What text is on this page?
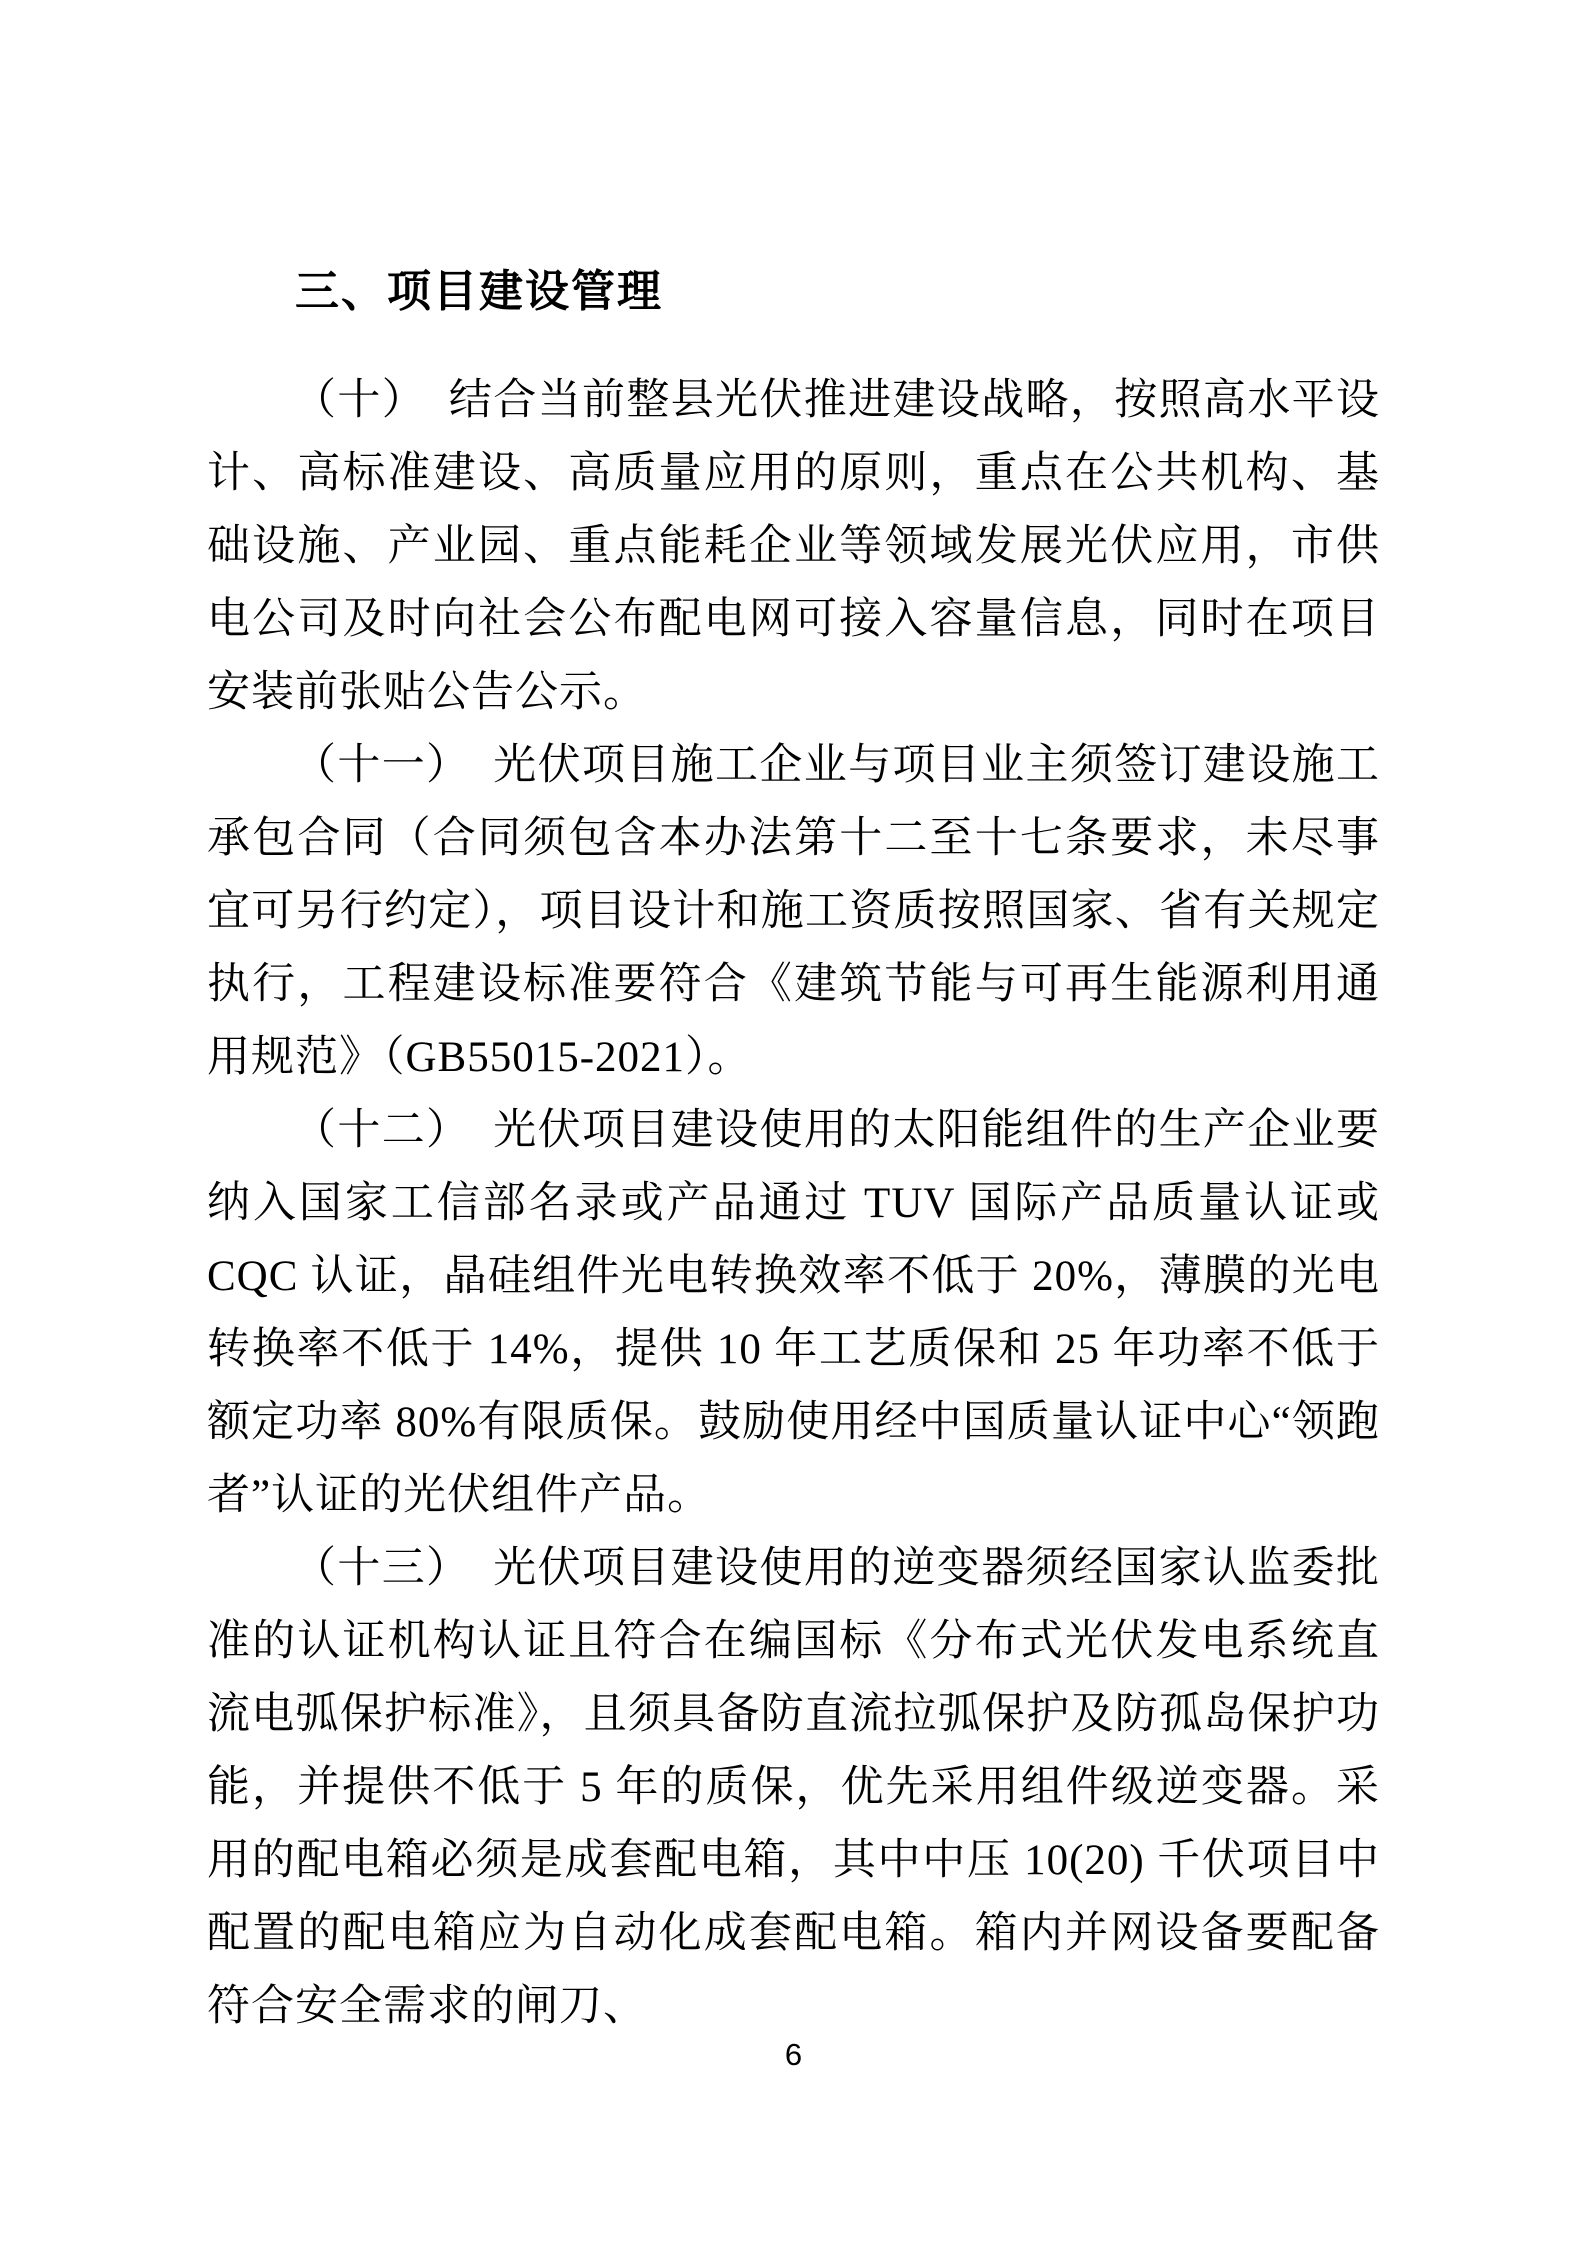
三、项目建设管理

（十）　结合当前整县光伏推进建设战略，按照高水平设计、高标准建设、高质量应用的原则，重点在公共机构、基础设施、产业园、重点能耗企业等领域发展光伏应用，市供电公司及时向社会公布配电网可接入容量信息，同时在项目安装前张贴公告公示。

（十一）　光伏项目施工企业与项目业主须签订建设施工承包合同（合同须包含本办法第十二至十七条要求，未尽事宜可另行约定），项目设计和施工资质按照国家、省有关规定执行，工程建设标准要符合《建筑节能与可再生能源利用通用规范》（GB55015-2021）。

（十二）　光伏项目建设使用的太阳能组件的生产企业要纳入国家工信部名录或产品通过 TUV 国际产品质量认证或 CQC 认证，晶硅组件光电转换效率不低于 20%，薄膜的光电转换率不低于 14%，提供 10 年工艺质保和 25 年功率不低于额定功率 80%有限质保。鼓励使用经中国质量认证中心“领跑者”认证的光伏组件产品。

（十三）　光伏项目建设使用的逆变器须经国家认监委批准的认证机构认证且符合在编国标《分布式光伏发电系统直流电弧保护标准》，且须具备防直流拉弧保护及防孤岛保护功能，并提供不低于 5 年的质保，优先采用组件级逆变器。采用的配电箱必须是成套配电箱，其中中压 10(20) 千伏项目中配置的配电箱应为自动化成套配电箱。箱内并网设备要配备符合安全需求的闸刀、

6
